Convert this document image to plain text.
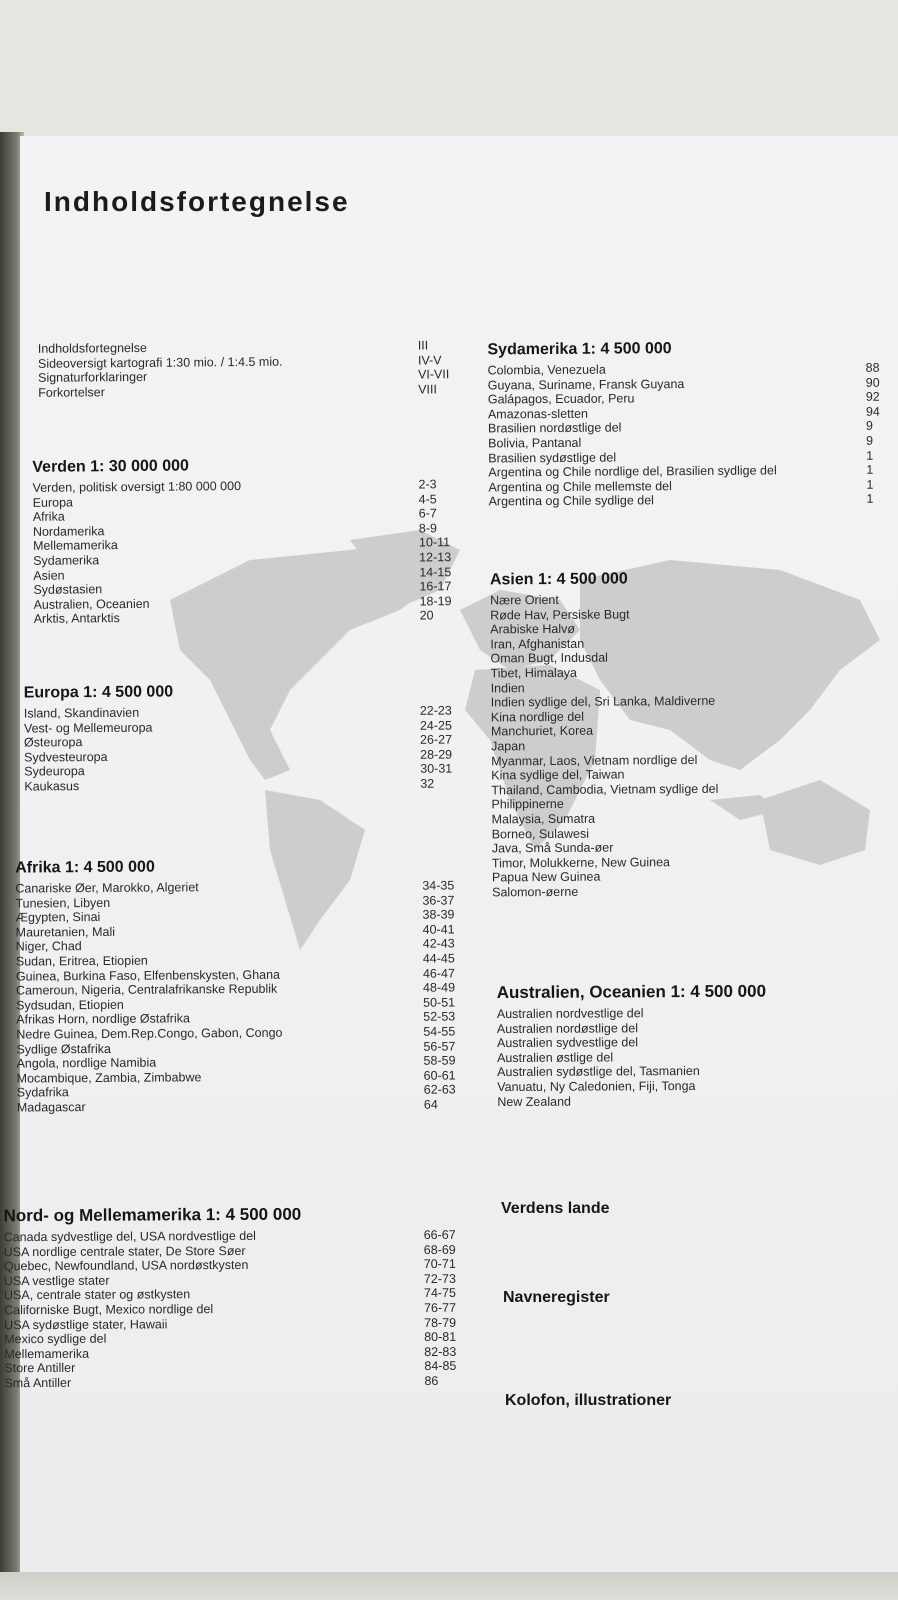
Indholdsfortegnelse
Indholdsfortegnelse	III
Sideoversigt kartografi 1:30 mio. / 1:4.5 mio.	IV-V
Signaturforklaringer	VI-VII
Forkortelser	VIII
Verden 1: 30 000 000
Verden, politisk oversigt 1:80 000 000	2-3
Europa	4-5
Afrika	6-7
Nordamerika	8-9
Mellemamerika	10-11
Sydamerika	12-13
Asien	14-15
Sydøstasien	16-17
Australien, Oceanien	18-19
Arktis, Antarktis	20
Europa 1: 4 500 000
Island, Skandinavien	22-23
Vest- og Mellemeuropa	24-25
Østeuropa	26-27
Sydvesteuropa	28-29
Sydeuropa	30-31
Kaukasus	32
Afrika 1: 4 500 000
Canariske Øer, Marokko, Algeriet	34-35
Tunesien, Libyen	36-37
Ægypten, Sinai	38-39
Mauretanien, Mali	40-41
Niger, Chad	42-43
Sudan, Eritrea, Etiopien	44-45
Guinea, Burkina Faso, Elfenbenskysten, Ghana	46-47
Cameroun, Nigeria, Centralafrikanske Republik	48-49
Sydsudan, Etiopien	50-51
Afrikas Horn, nordlige Østafrika	52-53
Nedre Guinea, Dem.Rep.Congo, Gabon, Congo	54-55
Sydlige Østafrika	56-57
Angola, nordlige Namibia	58-59
Mocambique, Zambia, Zimbabwe	60-61
Sydafrika	62-63
Madagascar	64
Nord- og Mellemamerika 1: 4 500 000
Canada sydvestlige del, USA nordvestlige del	66-67
USA nordlige centrale stater, De Store Søer	68-69
Quebec, Newfoundland, USA nordøstkysten	70-71
USA vestlige stater	72-73
USA, centrale stater og østkysten	74-75
Californiske Bugt, Mexico nordlige del	76-77
USA sydøstlige stater, Hawaii	78-79
Mexico sydlige del	80-81
Mellemamerika	82-83
Store Antiller	84-85
Små Antiller	86
Sydamerika 1: 4 500 000
Colombia, Venezuela	88
Guyana, Suriname, Fransk Guyana	90
Galápagos, Ecuador, Peru	92
Amazonas-sletten	94
Brasilien nordøstlige del	9
Bolivia, Pantanal	9
Brasilien sydøstlige del	1
Argentina og Chile nordlige del, Brasilien sydlige del	1
Argentina og Chile mellemste del	1
Argentina og Chile sydlige del	1
Asien 1: 4 500 000
Nære Orient
Røde Hav, Persiske Bugt
Arabiske Halvø
Iran, Afghanistan
Oman Bugt, Indusdal
Tibet, Himalaya
Indien
Indien sydlige del, Sri Lanka, Maldiverne
Kina nordlige del
Manchuriet, Korea
Japan
Myanmar, Laos, Vietnam nordlige del
Kina sydlige del, Taiwan
Thailand, Cambodia, Vietnam sydlige del
Philippinerne
Malaysia, Sumatra
Borneo, Sulawesi
Java, Små Sunda-øer
Timor, Molukkerne, New Guinea
Papua New Guinea
Salomon-øerne
Australien, Oceanien 1: 4 500 000
Australien nordvestlige del
Australien nordøstlige del
Australien sydvestlige del
Australien østlige del
Australien sydøstlige del, Tasmanien
Vanuatu, Ny Caledonien, Fiji, Tonga
New Zealand
Verdens lande
Navneregister
Kolofon, illustrationer
